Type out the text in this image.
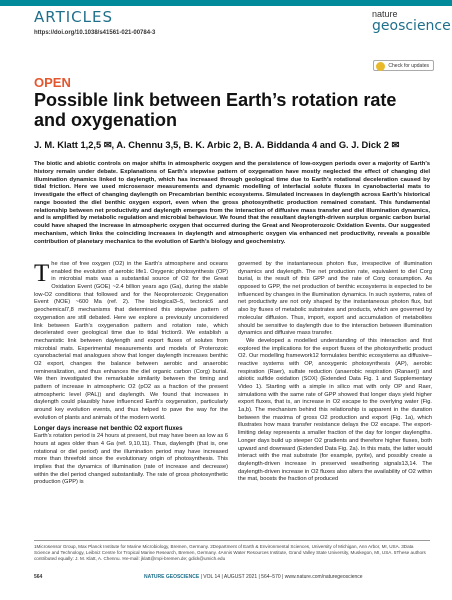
ARTICLES
https://doi.org/10.1038/s41561-021-00784-3
nature
geoscience
Check for updates
OPEN
Possible link between Earth’s rotation rate and oxygenation
J. M. Klatt 1,2,5 ✉, A. Chennu 3,5, B. K. Arbic 2, B. A. Biddanda 4 and G. J. Dick 2 ✉
The biotic and abiotic controls on major shifts in atmospheric oxygen and the persistence of low-oxygen periods over a majority of Earth’s history remain under debate. Explanations of Earth’s stepwise pattern of oxygenation have mostly neglected the effect of changing diel illumination dynamics linked to daylength, which has increased through geological time due to Earth’s rotational deceleration caused by tidal friction. Here we used microsensor measurements and dynamic modelling of interfacial solute fluxes in cyanobacterial mats to investigate the effect of changing daylength on Precambrian benthic ecosystems. Simulated increases in daylength across Earth’s historical range boosted the diel benthic oxygen export, even when the gross photosynthetic production remained constant. This fundamental relationship between net productivity and daylength emerges from the interaction of diffusive mass transfer and diel illumination dynamics, and is amplified by metabolic regulation and microbial behaviour. We found that the resultant daylength-driven surplus organic carbon burial could have shaped the increase in atmospheric oxygen that occurred during the Great and Neoproterozoic Oxidation Events. Our suggested mechanism, which links the coinciding increases in daylength and atmospheric oxygen via enhanced net productivity, reveals a possible contribution of planetary mechanics to the evolution of Earth’s biology and geochemistry.

The rise of free oxygen (O2) in the Earth’s atmosphere and oceans enabled the evolution of aerobic life1. Oxygenic photosynthesis (OP) in microbial mats was a substantial source of O2 for the Great Oxidation Event (GOE) ~2.4 billion years ago (Ga), during the stable low-O2 conditions that followed and for the Neoproterozoic Oxygenation Event (NOE) ~600 Ma (ref. 2). The biological3–5, tectonic6 and geochemical7,8 mechanisms that determined this stepwise pattern of oxygenation are still debated. Here we explore a previously unconsidered link between Earth’s oxygenation pattern and rotation rate, which decelerated over geological time due to tidal friction9. We establish a mechanistic link between daylength and export fluxes of solutes from microbial mats. Experimental measurements and models of Proterozoic cyanobacterial mat analogues show that longer daylength increases benthic O2 export, changes the balance between aerobic and anaerobic remineralization, and thus enhances the diel organic carbon (Corg) burial. We then investigated the remarkable similarity between the timing and pattern of increase in atmospheric O2 (pO2 as a fraction of the present atmospheric level (PAL)) and daylength. We found that increases in daylength could plausibly have influenced Earth’s oxygenation, particularly around key evolution events, and thus helped to pave the way for the evolution of plants and animals of the modern world.

Longer days increase net benthic O2 export fluxes

Earth’s rotation period is 24 hours at present, but may have been as low as 6 hours at ages older than 4 Ga (ref. 9,10,11). Thus, daylength (that is, one rotational or diel period) and the illumination period may have increased more than threefold since the evolutionary origin of photosynthesis. This implies that the dynamics of illumination (rate of increase and decrease) within the diel period changed substantially. The rate of gross photosynthetic production (GPP) is

governed by the instantaneous photon flux, irrespective of illumination dynamics and daylength. The net production rate, equivalent to diel Corg burial, is the result of this GPP and the rate of Corg consumption. As opposed to GPP, the net production of benthic ecosystems is expected to be influenced by changes in the illumination dynamics. In such systems, rates of net productivity are not only shaped by the instantaneous photon flux, but also by fluxes of metabolic substrates and products, which are governed by molecular diffusion. Thus, import, export and accumulation of metabolites should be sensitive to daylength due to the interaction between illumination dynamics and diffusive mass transfer.

We developed a modelled understanding of this interaction and first explored the implications for the export fluxes of the photosynthetic product O2. Our modelling framework12 formulates benthic ecosystems as diffusive–reactive systems with OP, anoxygenic photosynthesis (AP), aerobic respiration (Raer), sulfate reduction (anaerobic respiration (Ranaer)) and abiotic sulfide oxidation (SOX) (Extended Data Fig. 1 and Supplementary Video 1). Starting with a simple in silico mat with only OP and Raer, simulations with the same rate of GPP showed that longer days yield higher export fluxes, that is, an increase in O2 escape to the overlying water (Fig. 1a,b). The mechanism behind this relationship is apparent in the duration between the maxima of gross O2 production and export (Fig. 1a), which illustrates how mass transfer resistance delays the O2 escape. The export-limiting delay represents a smaller fraction of the day for longer daylengths. Longer days build up steeper O2 gradients and therefore higher fluxes, both upward and downward (Extended Data Fig. 2a). In this mats, the latter would interact with the mat substrate (for example, pyrite), and possibly create a daylength-driven increase in preserved weathering signals13,14. The daylength-driven increase in O2 fluxes also alters the availability of O2 within the mat, boosts the fraction of produced

1Microsensor Group, Max Planck Institute for Marine Microbiology, Bremen, Germany. 2Department of Earth & Environmental Sciences, University of Michigan, Ann Arbor, MI, USA. 3Data Science and Technology, Leibniz Centre for Tropical Marine Research, Bremen, Germany. 4Annis Water Resources Institute, Grand Valley State University, Muskegon, MI, USA. 5These authors contributed equally: J. M. Klatt, A. Chennu. ✉e-mail: jklatt@mpi-bremen.de; gdick@umich.edu
564	NATURE GEOSCIENCE | VOL 14 | AUGUST 2021 | 564–570 | www.nature.com/naturegeoscience
